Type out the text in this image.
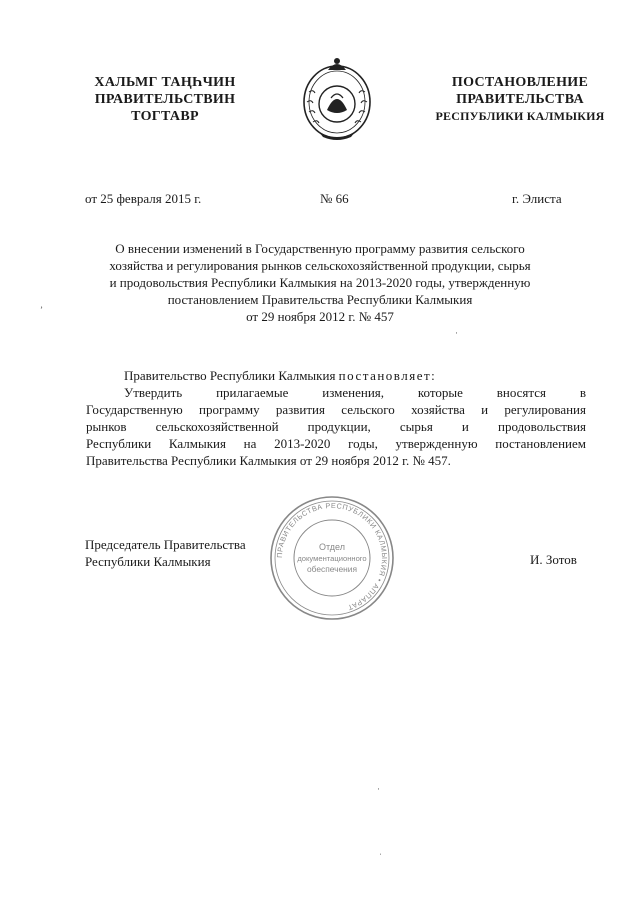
ХАЛЬМГ ТАҢҺЧИН
ПРАВИТЕЛЬСТВИН
ТОГТАВР
ПОСТАНОВЛЕНИЕ
ПРАВИТЕЛЬСТВА
РЕСПУБЛИКИ КАЛМЫКИЯ
от 25 февраля 2015 г.	№ 66	г. Элиста
О внесении изменений в Государственную программу развития сельского
хозяйства и регулирования рынков сельскохозяйственной продукции, сырья
и продовольствия Республики Калмыкия на 2013-2020 годы, утвержденную
постановлением Правительства Республики Калмыкия
от 29 ноября 2012 г. № 457
Правительство Республики Калмыкия постановляет:
Утвердить прилагаемые изменения, которые вносятся в
Государственную программу развития сельского хозяйства и регулирования
рынков сельскохозяйственной продукции, сырья и продовольствия
Республики Калмыкия на 2013-2020 годы, утвержденную постановлением
Правительства Республики Калмыкия от 29 ноября 2012 г. № 457.
Председатель Правительства
Республики Калмыкия	И. Зотов
ПРАВИТЕЛЬСТВА РЕСПУБЛИКИ КАЛМЫКИЯ • АППАРАТ
Отдел
документационного
обеспечения
ʼ
·
·
ˌ
